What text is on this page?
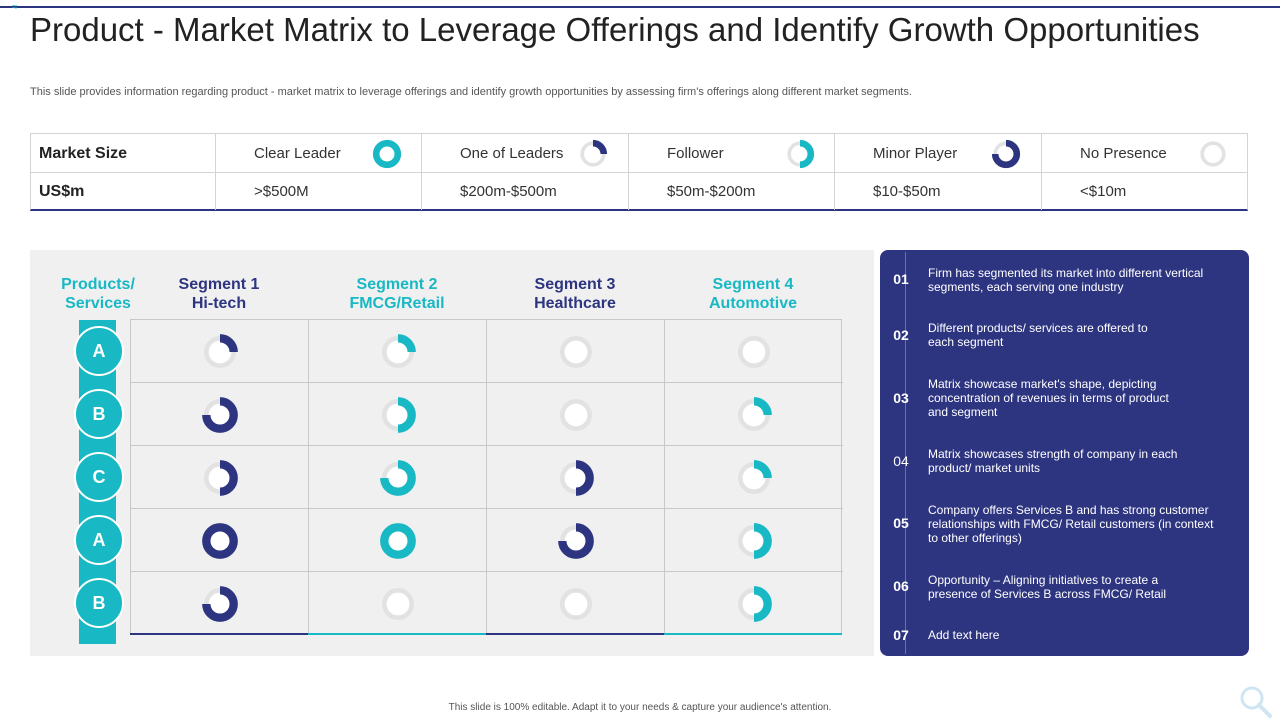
≈
Product - Market Matrix to Leverage Offerings and Identify Growth Opportunities
This slide provides information regarding product - market matrix to leverage offerings and identify growth opportunities by assessing firm's offerings along different market segments.
Market Size	Clear Leader	One of Leaders	Follower	Minor Player	No Presence
US$m	>$500M	$200m-$500m	$50m-$200m	$10-$50m	<$10m
Products/ Services
Segment 1
Hi-tech
Segment 2
FMCG/Retail
Segment 3
Healthcare
Segment 4
Automotive
A
B
C
A
B
01	Firm has segmented its market into different vertical segments, each serving one industry
02	Different products/ services are offered to each segment
03
Matrix showcase market's shape, depicting concentration of revenues in terms of product and segment
04	Matrix showcases strength of company in each product/ market units
05
Company offers Services B and has strong customer relationships with FMCG/ Retail customers (in context to other offerings)
06	Opportunity – Aligning initiatives to create a presence of Services B across FMCG/ Retail
07	Add text here
This slide is 100% editable. Adapt it to your needs & capture your audience's attention.
